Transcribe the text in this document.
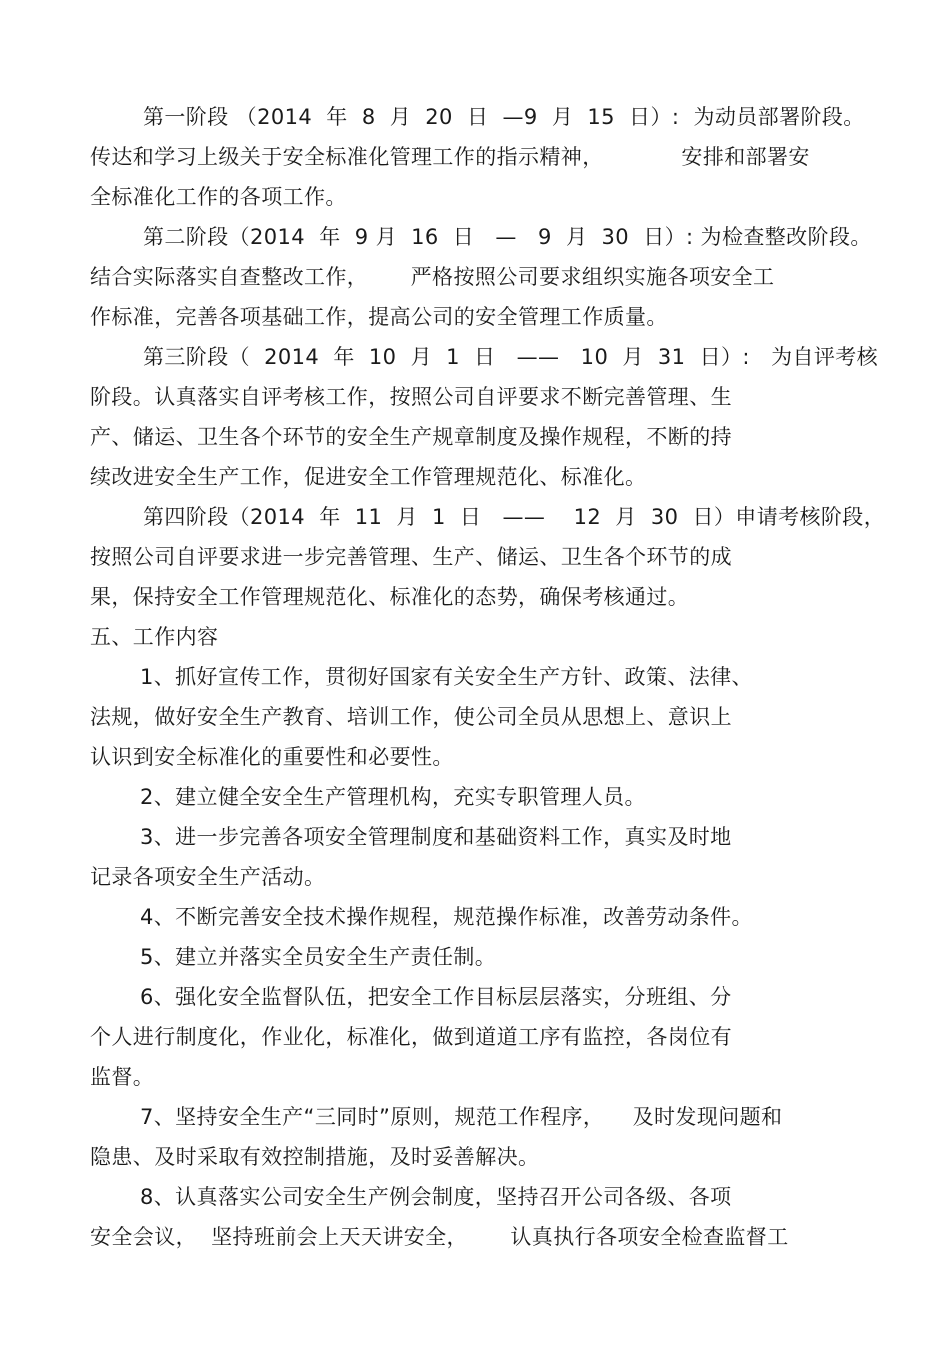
第一阶段 （2014  年  8  月  20  日  —9  月  15  日）:  为动员部署阶段。
传达和学习上级关于安全标准化管理工作的指示精神，           安排和部署安
全标准化工作的各项工作。
第二阶段（2014  年  9 月  16  日   —   9  月  30  日）: 为检查整改阶段。
结合实际落实自查整改工作，      严格按照公司要求组织实施各项安全工
作标准，完善各项基础工作，提高公司的安全管理工作质量。
第三阶段（  2014  年  10  月  1  日   ——   10  月  31  日）:   为自评考核
阶段。认真落实自评考核工作，按照公司自评要求不断完善管理、生
产、储运、卫生各个环节的安全生产规章制度及操作规程，不断的持
续改进安全生产工作，促进安全工作管理规范化、标准化。
第四阶段（2014  年  11  月  1  日   ——    12  月  30  日）申请考核阶段，
按照公司自评要求进一步完善管理、生产、储运、卫生各个环节的成
果，保持安全工作管理规范化、标准化的态势，确保考核通过。
五、工作内容
1、抓好宣传工作，贯彻好国家有关安全生产方针、政策、法律、
法规，做好安全生产教育、培训工作，使公司全员从思想上、意识上
认识到安全标准化的重要性和必要性。
2、建立健全安全生产管理机构，充实专职管理人员。
3、进一步完善各项安全管理制度和基础资料工作，真实及时地
记录各项安全生产活动。
4、不断完善安全技术操作规程，规范操作标准，改善劳动条件。
5、建立并落实全员安全生产责任制。
6、强化安全监督队伍，把安全工作目标层层落实，分班组、分
个人进行制度化，作业化，标准化，做到道道工序有监控，各岗位有
监督。
7、坚持安全生产“三同时”原则，规范工作程序，    及时发现问题和
隐患、及时采取有效控制措施，及时妥善解决。
8、认真落实公司安全生产例会制度，坚持召开公司各级、各项
安全会议，  坚持班前会上天天讲安全，      认真执行各项安全检查监督工
